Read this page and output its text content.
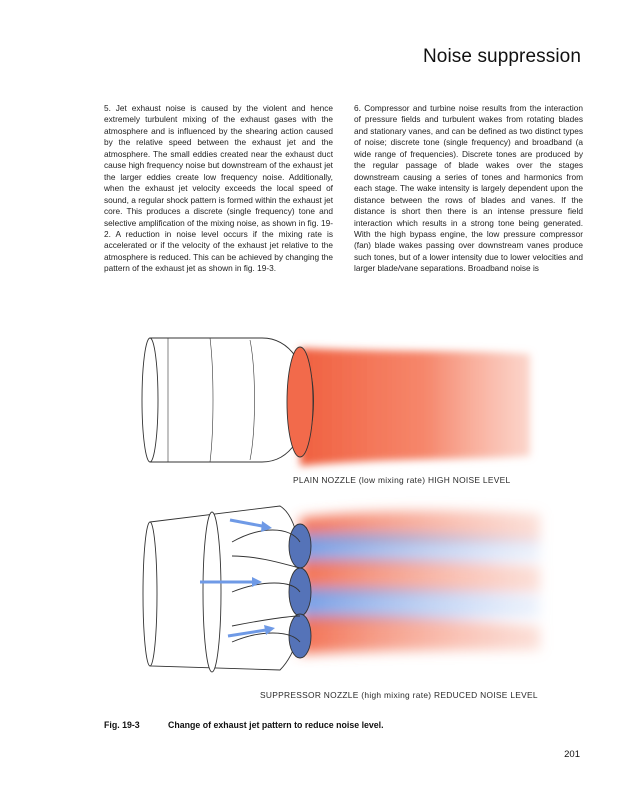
Noise suppression
5. Jet exhaust noise is caused by the violent and hence extremely turbulent mixing of the exhaust gases with the atmosphere and is influenced by the shearing action caused by the relative speed between the exhaust jet and the atmosphere. The small eddies created near the exhaust duct cause high frequency noise but downstream of the exhaust jet the larger eddies create low frequency noise. Additionally, when the exhaust jet velocity exceeds the local speed of sound, a regular shock pattern is formed within the exhaust jet core. This produces a discrete (single frequency) tone and selective amplification of the mixing noise, as shown in fig. 19-2. A reduction in noise level occurs if the mixing rate is accelerated or if the velocity of the exhaust jet relative to the atmosphere is reduced. This can be achieved by changing the pattern of the exhaust jet as shown in fig. 19-3.
6. Compressor and turbine noise results from the interaction of pressure fields and turbulent wakes from rotating blades and stationary vanes, and can be defined as two distinct types of noise; discrete tone (single frequency) and broadband (a wide range of frequencies). Discrete tones are produced by the regular passage of blade wakes over the stages downstream causing a series of tones and harmonics from each stage. The wake intensity is largely dependent upon the distance between the rows of blades and vanes. If the distance is short then there is an intense pressure field interaction which results in a strong tone being generated. With the high bypass engine, the low pressure compressor (fan) blade wakes passing over downstream vanes produce such tones, but of a lower intensity due to lower velocities and larger blade/vane separations. Broadband noise is
PLAIN NOZZLE (low mixing rate) HIGH NOISE LEVEL
SUPPRESSOR NOZZLE (high mixing rate) REDUCED NOISE LEVEL
Fig. 19-3	Change of exhaust jet pattern to reduce noise level.
201
